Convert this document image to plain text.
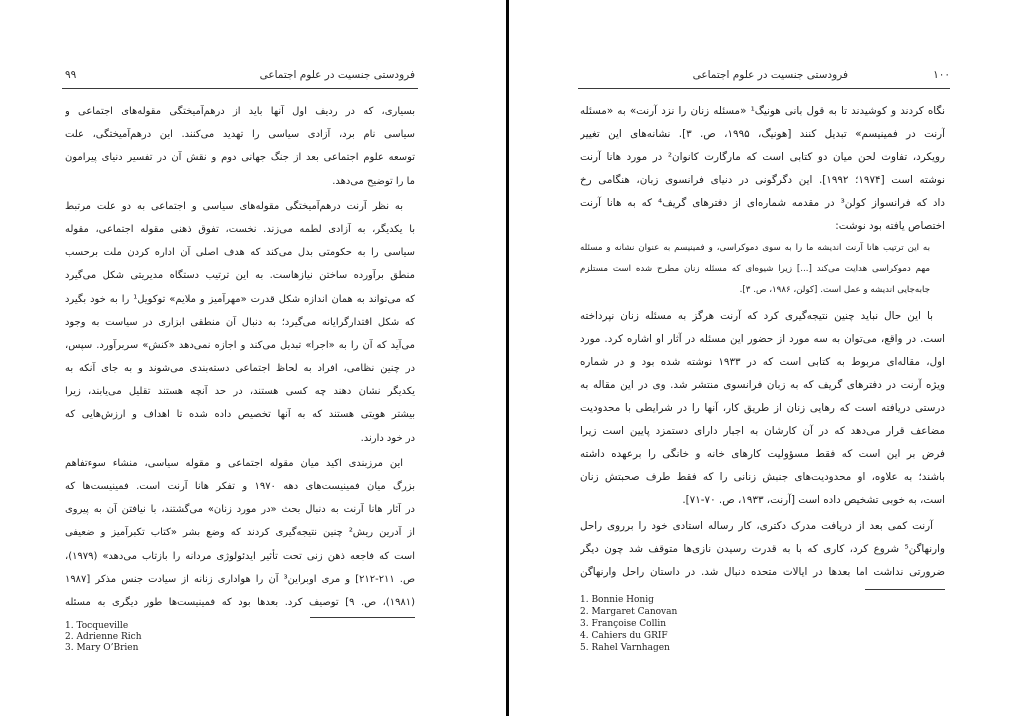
۹۹	فرودستی جنسیت در علوم اجتماعی
بسیاری، که در ردیف اول آنها باید از درهم‌آمیختگی مقوله‌های اجتماعی و
سیاسی نام برد، آزادی سیاسی را تهدید می‌کنند. این درهم‌آمیختگی، علت
توسعه علوم اجتماعی بعد از جنگ جهانی دوم و نقش آن در تفسیر دنیای پیرامون
ما را توضیح می‌دهد.
به نظر آرنت درهم‌آمیختگی مقوله‌های سیاسی و اجتماعی به دو علت مرتبط
با یکدیگر، به آزادی لطمه می‌زند. نخست، تفوق ذهنی مقوله اجتماعی، مقوله
سیاسی را به حکومتی بدل می‌کند که هدف اصلی آن اداره کردن ملت برحسب
منطق برآورده ساختن نیازهاست. به این ترتیب دستگاه مدیریتی شکل می‌گیرد
که می‌تواند به همان اندازه شکل قدرت «مهرآمیز و ملایم» توکویل¹ را به خود بگیرد
که شکل اقتدارگرایانه می‌گیرد؛ به دنبال آن منطقی ابزاری در سیاست به وجود
می‌آید که آن را به «اجرا» تبدیل می‌کند و اجازه نمی‌دهد «کنش» سربرآورد. سپس،
در چنین نظامی، افراد به لحاظ اجتماعی دسته‌بندی می‌شوند و به جای آنکه به
یکدیگر نشان دهند چه کسی هستند، در حد آنچه هستند تقلیل می‌یابند، زیرا
بیشتر هویتی هستند که به آنها تخصیص داده شده تا اهداف و ارزش‌هایی که
در خود دارند.
این مرزبندی اکید میان مقوله اجتماعی و مقوله سیاسی، منشاء سوءتفاهم
بزرگ میان فمینیست‌های دهه ۱۹۷۰ و تفکر هانا آرنت است. فمینیست‌ها که
در آثار هانا آرنت به دنبال بحث «در مورد زنان» می‌گشتند، با نیافتن آن به پیروی
از آدرین ریش² چنین نتیجه‌گیری کردند که وضع بشر «کتاب تکبرآمیز و ضعیفی
است که فاجعه ذهن زنی تحت تأثیر ایدئولوژی مردانه را بازتاب می‌دهد» (۱۹۷۹)،
ص. ۲۱۱-۲۱۲] و مری اوبراین³ آن را هواداری زنانه از سیادت جنس مذکر [۱۹۸۷
(۱۹۸۱)، ص. ۹] توصیف کرد. بعدها بود که فمینیست‌ها طور دیگری به مسئله
1. Tocqueville
2. Adrienne Rich
3. Mary O’Brien
فرودستی جنسیت در علوم اجتماعی	۱۰۰
نگاه کردند و کوشیدند تا به قول بانی هونیگ¹ «مسئله زنان را نزد آرنت» به «مسئله
آرنت در فمینیسم» تبدیل کنند [هونیگ، ۱۹۹۵، ص. ۳]. نشانه‌های این تغییر
رویکرد، تفاوت لحن میان دو کتابی است که مارگارت کانوان² در مورد هانا آرنت
نوشته است [۱۹۷۴؛ ۱۹۹۲]. این دگرگونی در دنیای فرانسوی زبان، هنگامی رخ
داد که فرانسواز کولن³ در مقدمه شماره‌ای از دفترهای گریف⁴ که به هانا آرنت
اختصاص یافته بود نوشت:
به این ترتیب هانا آرنت اندیشه ما را به سوی دموکراسی، و فمینیسم به عنوان نشانه و مسئله
مهم دموکراسی هدایت می‌کند [...] زیرا شیوه‌ای که مسئله زنان مطرح شده است مستلزم
جابه‌جایی اندیشه و عمل است. [کولن، ۱۹۸۶، ص. ۳].
با این حال نباید چنین نتیجه‌گیری کرد که آرنت هرگز به مسئله زنان نپرداخته
است. در واقع، می‌توان به سه مورد از حضور این مسئله در آثار او اشاره کرد. مورد
اول، مقاله‌ای مربوط به کتابی است که در ۱۹۳۳ نوشته شده بود و در شماره
ویژه آرنت در دفترهای گریف که به زبان فرانسوی منتشر شد. وی در این مقاله به
درستی دریافته است که رهایی زنان از طریق کار، آنها را در شرایطی با محدودیت
مضاعف قرار می‌دهد که در آن کارشان به اجبار دارای دستمزد پایین است زیرا
فرض بر این است که فقط مسؤولیت کارهای خانه و خانگی را برعهده داشته
باشند؛ به علاوه، او محدودیت‌های جنبش زنانی را که فقط طرف صحبتش زنان
است، به خوبی تشخیص داده است [آرنت، ۱۹۳۳، ص. ۷۰-۷۱].
آرنت کمی بعد از دریافت مدرک دکتری، کار رساله استادی خود را برروی راحل
وارنهاگن⁵ شروع کرد، کاری که با به قدرت رسیدن نازی‌ها متوقف شد چون دیگر
ضرورتی نداشت اما بعدها در ایالات متحده دنبال شد. در داستان راحل وارنهاگن
1. Bonnie Honig
2. Margaret Canovan
3. Françoise Collin
4. Cahiers du GRIF
5. Rahel Varnhagen
